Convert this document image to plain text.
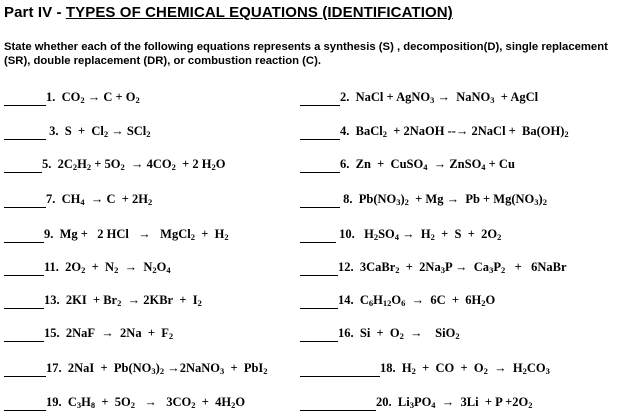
Part IV - TYPES OF CHEMICAL EQUATIONS (IDENTIFICATION)
State whether each of the following equations represents a synthesis (S) , decomposition(D), single replacement (SR), double replacement (DR), or combustion reaction (C).
1.  $CO_2 \to C + O_2$	2.  NaCl + AgNO$_3$ →  NaNO$_3$  + AgCl
3.  $S + Cl_2 \to SCl_2$	4.  BaCl$_2$  + 2NaOH --→ 2NaCl +  $Ba(OH)_2$
5.  $2C_2H_2 + 5O_2 \to 4CO_2 + 2$ $H_2O$	6.  Zn  +  CuSO$_4$  → ZnSO$_4$ + Cu
7.  $CH_4 \to C + 2H_2$	8.  $Pb(NO_3)_2 + Mg \to Pb + Mg(NO_3)_2$
9.  Mg +   2 HCl   →   MgCl$_2$  +  $H_2$	10.   $H_2SO_4 \to H_2 + S + 2O_2$
11.  $2O_2 + N_2 \to N_2O_4$	12.  3CaBr$_2$  +  $2Na_3P \to Ca_3P_2$   +   6NaBr
13.  $2KI + Br_2 \to 2KBr + I_2$	14.  $C_6H_{12}O_6 \to 6C + 6H_2O$
15.  $2NaF \to 2Na + F_2$	16.  $Si + O_2$  →    SiO$_2$
17.  $2NaI + Pb(NO_3)_2$ →2NaNO$_3$  +  PbI$_2$	18.  $H_2$  +  CO  +  $O_2 \to H_2CO_3$
19.  $C_3H_8 + 5O_2 \to 3CO_2 + 4H_2O$	20.  $Li_3PO_4 \to 3Li + P +2O_2$
